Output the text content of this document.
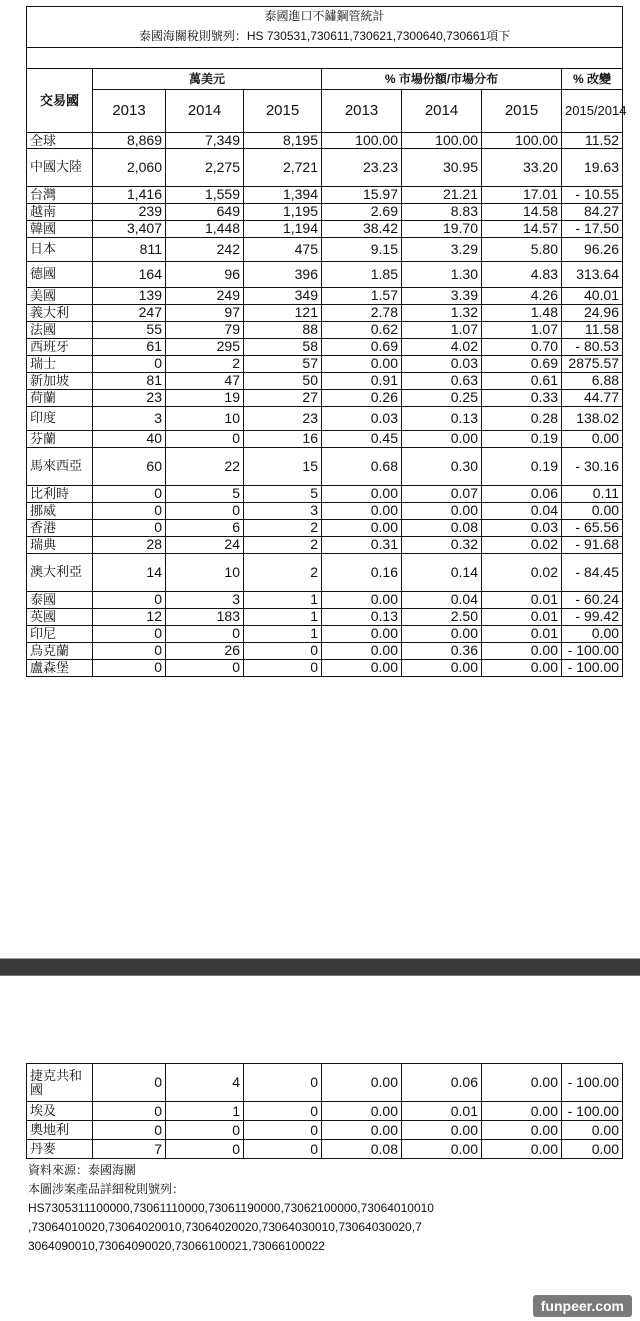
泰國進口不鏽鋼管統計							
泰國海關稅則號列：HS 730531,730611,730621,7300640,730661項下							

交易國	萬美元			% 市場份額/市場分布			% 改變
	2013	2014	2015	2013	2014	2015	2015/2014
全球	8,869	7,349	8,195	100.00	100.00	100.00	11.52
中國大陸	2,060	2,275	2,721	23.23	30.95	33.20	19.63
台灣	1,416	1,559	1,394	15.97	21.21	17.01	- 10.55
越南	239	649	1,195	2.69	8.83	14.58	84.27
韓國	3,407	1,448	1,194	38.42	19.70	14.57	- 17.50
日本	811	242	475	9.15	3.29	5.80	96.26
德國	164	96	396	1.85	1.30	4.83	313.64
美國	139	249	349	1.57	3.39	4.26	40.01
義大利	247	97	121	2.78	1.32	1.48	24.96
法國	55	79	88	0.62	1.07	1.07	11.58
西班牙	61	295	58	0.69	4.02	0.70	- 80.53
瑞士	0	2	57	0.00	0.03	0.69	2875.57
新加坡	81	47	50	0.91	0.63	0.61	6.88
荷蘭	23	19	27	0.26	0.25	0.33	44.77
印度	3	10	23	0.03	0.13	0.28	138.02
芬蘭	40	0	16	0.45	0.00	0.19	0.00
馬來西亞	60	22	15	0.68	0.30	0.19	- 30.16
比利時	0	5	5	0.00	0.07	0.06	0.11
挪威	0	0	3	0.00	0.00	0.04	0.00
香港	0	6	2	0.00	0.08	0.03	- 65.56
瑞典	28	24	2	0.31	0.32	0.02	- 91.68
澳大利亞	14	10	2	0.16	0.14	0.02	- 84.45
泰國	0	3	1	0.00	0.04	0.01	- 60.24
英國	12	183	1	0.13	2.50	0.01	- 99.42
印尼	0	0	1	0.00	0.00	0.01	0.00
烏克蘭	0	26	0	0.00	0.36	0.00	- 100.00
盧森堡	0	0	0	0.00	0.00	0.00	- 100.00
捷克共和國	0	4	0	0.00	0.06	0.00	- 100.00
埃及	0	1	0	0.00	0.01	0.00	- 100.00
奧地利	0	0	0	0.00	0.00	0.00	0.00
丹麥	7	0	0	0.08	0.00	0.00	0.00
資料來源：泰國海關
本圖涉案產品詳細稅則號列：
HS7305311100000,73061110000,73061190000,73062100000,73064010010
,73064010020,73064020010,73064020020,73064030010,73064030020,7
3064090010,73064090020,73066100021,73066100022
funpeer.com
